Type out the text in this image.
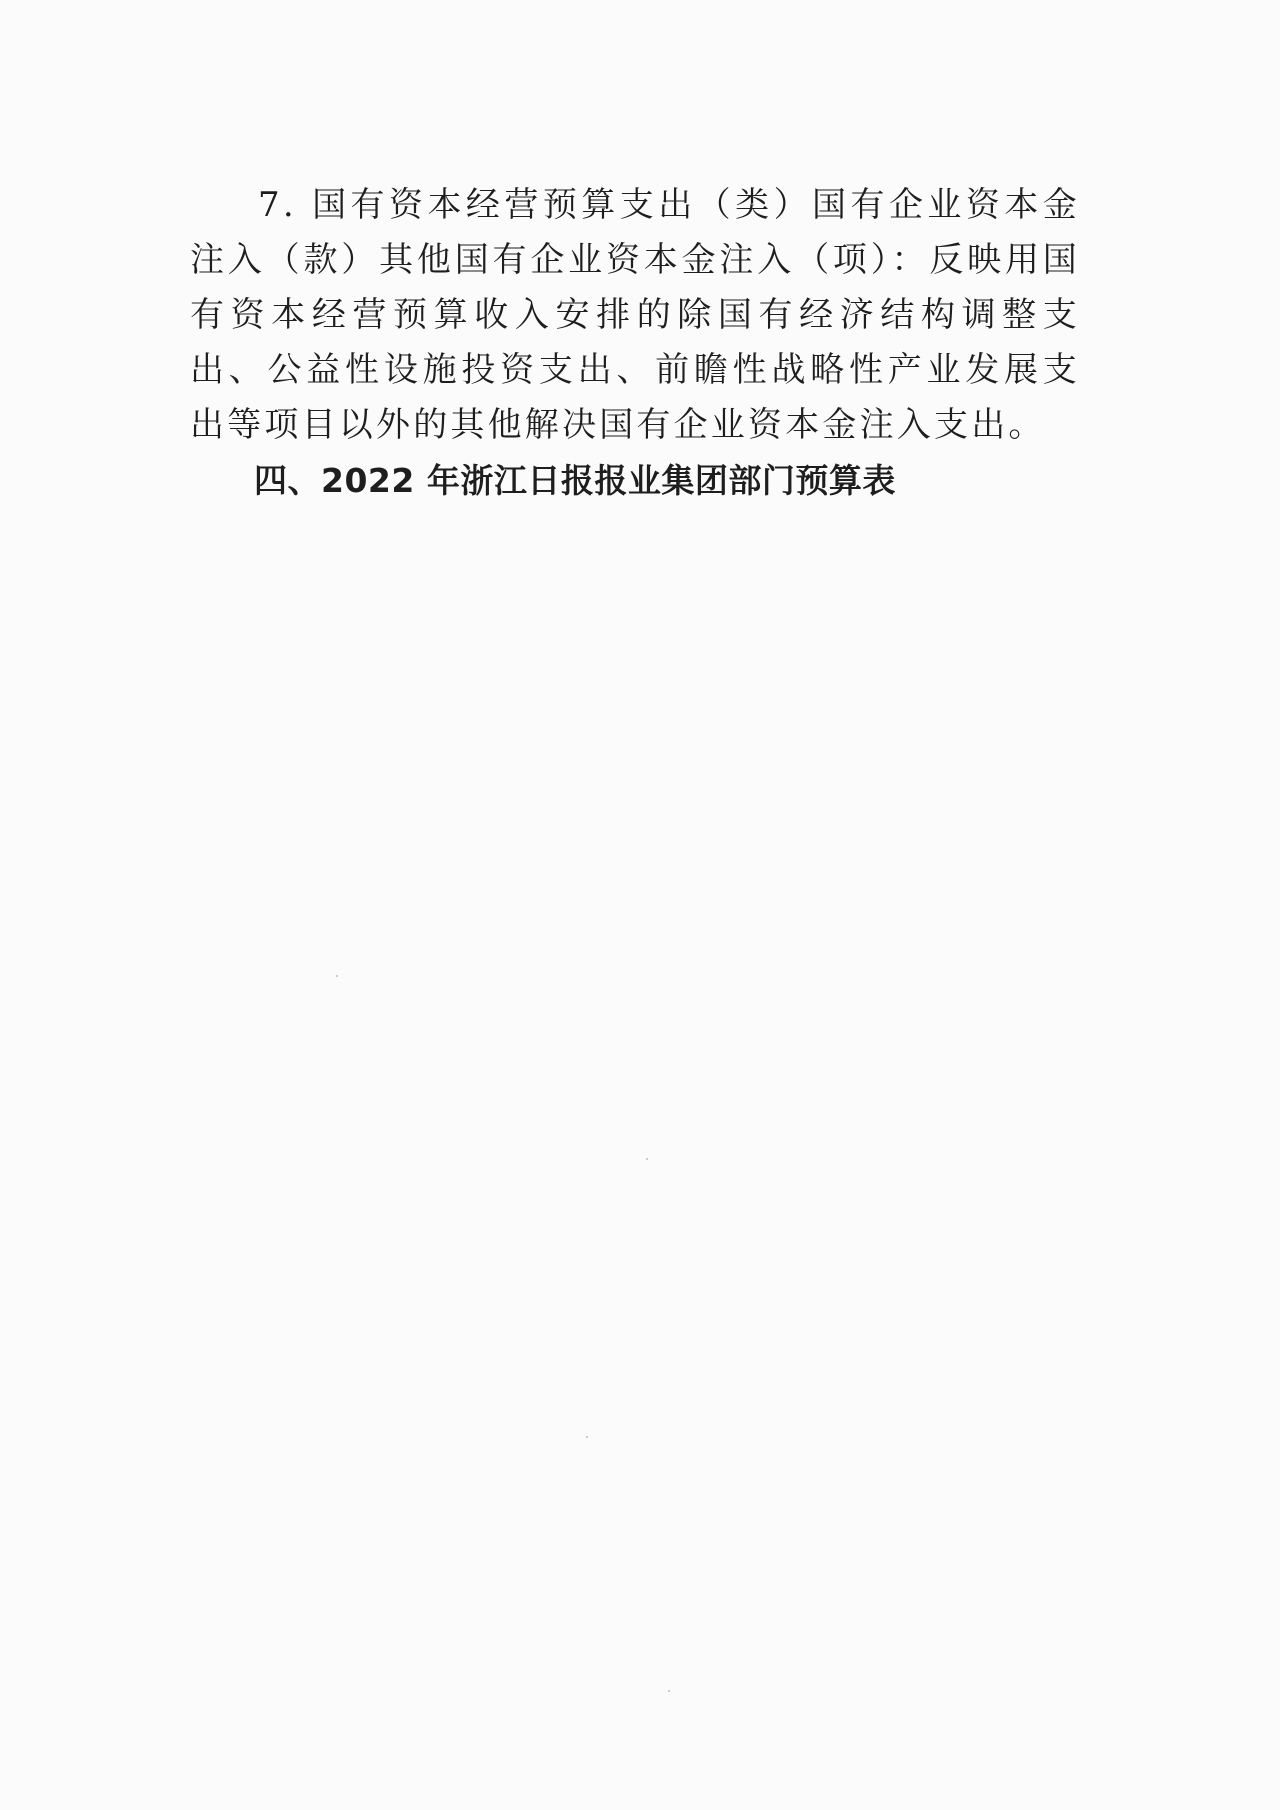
7. 国有资本经营预算支出（类）国有企业资本金注入（款）其他国有企业资本金注入（项）：反映用国有资本经营预算收入安排的除国有经济结构调整支出、公益性设施投资支出、前瞻性战略性产业发展支出等项目以外的其他解决国有企业资本金注入支出。

四、2022 年浙江日报报业集团部门预算表
